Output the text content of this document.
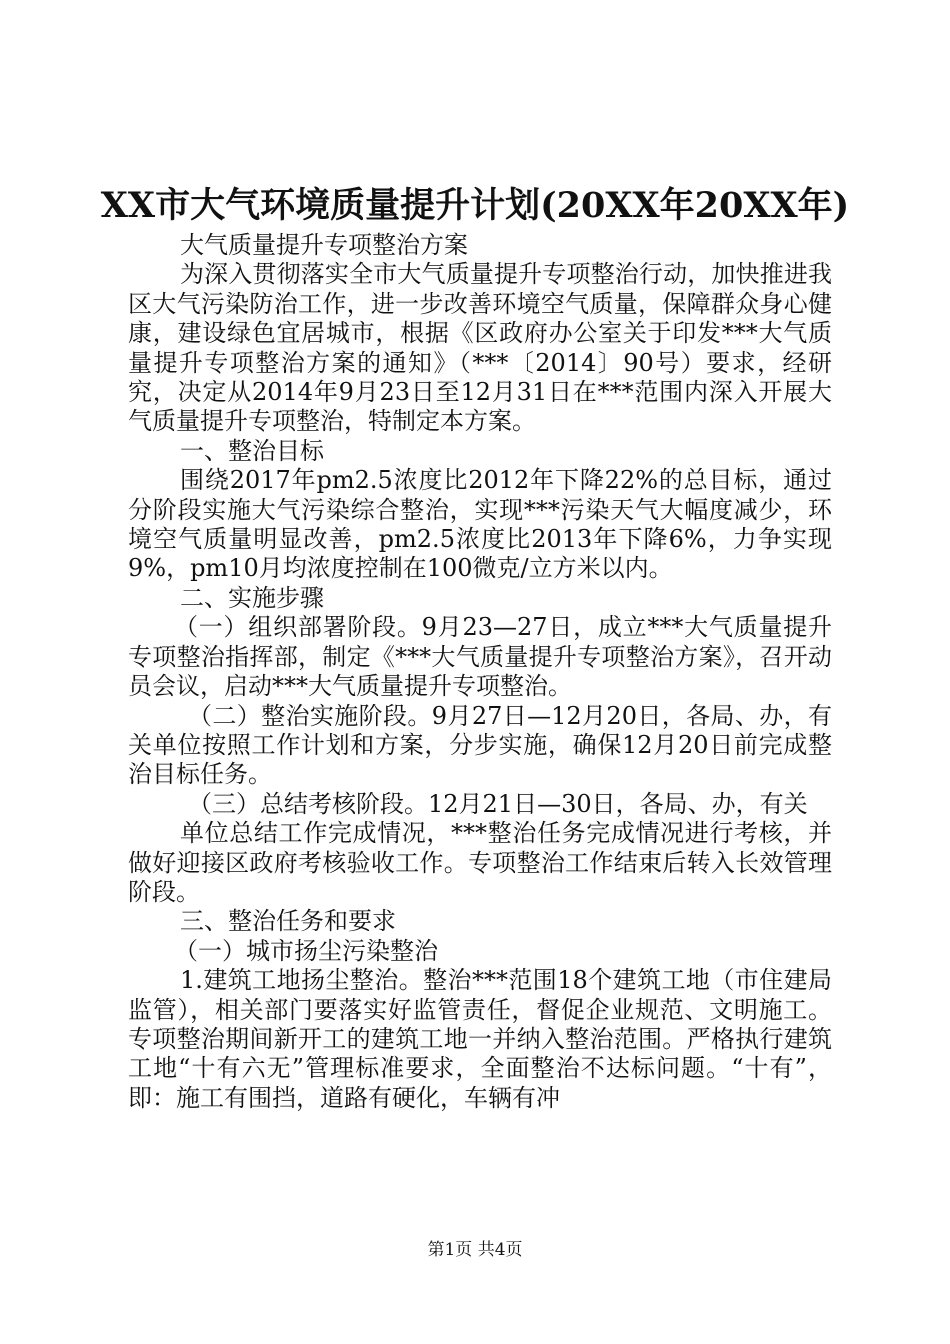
XX市大气环境质量提升计划(20XX年20XX年)

大气质量提升专项整治方案

为深入贯彻落实全市大气质量提升专项整治行动，加快推进我区大气污染防治工作，进一步改善环境空气质量，保障群众身心健康，建设绿色宜居城市，根据《区政府办公室关于印发***大气质量提升专项整治方案的通知》（***〔2014〕90号）要求，经研究，决定从2014年9月23日至12月31日在***范围内深入开展大气质量提升专项整治，特制定本方案。

一、整治目标

围绕2017年pm2.5浓度比2012年下降22%的总目标，通过分阶段实施大气污染综合整治，实现***污染天气大幅度减少，环境空气质量明显改善，pm2.5浓度比2013年下降6%，力争实现9%，pm10月均浓度控制在100微克/立方米以内。

二、实施步骤

（一）组织部署阶段。9月23—27日，成立***大气质量提升专项整治指挥部，制定《***大气质量提升专项整治方案》，召开动员会议，启动***大气质量提升专项整治。

（二）整治实施阶段。9月27日—12月20日，各局、办，有关单位按照工作计划和方案，分步实施，确保12月20日前完成整治目标任务。

（三）总结考核阶段。12月21日—30日，各局、办，有关

单位总结工作完成情况，***整治任务完成情况进行考核，并做好迎接区政府考核验收工作。专项整治工作结束后转入长效管理阶段。

三、整治任务和要求

（一）城市扬尘污染整治

1.建筑工地扬尘整治。整治***范围18个建筑工地（市住建局监管），相关部门要落实好监管责任，督促企业规范、文明施工。专项整治期间新开工的建筑工地一并纳入整治范围。严格执行建筑工地“十有六无”管理标准要求，全面整治不达标问题。“十有”，即：施工有围挡，道路有硬化，车辆有冲

第1页 共4页
